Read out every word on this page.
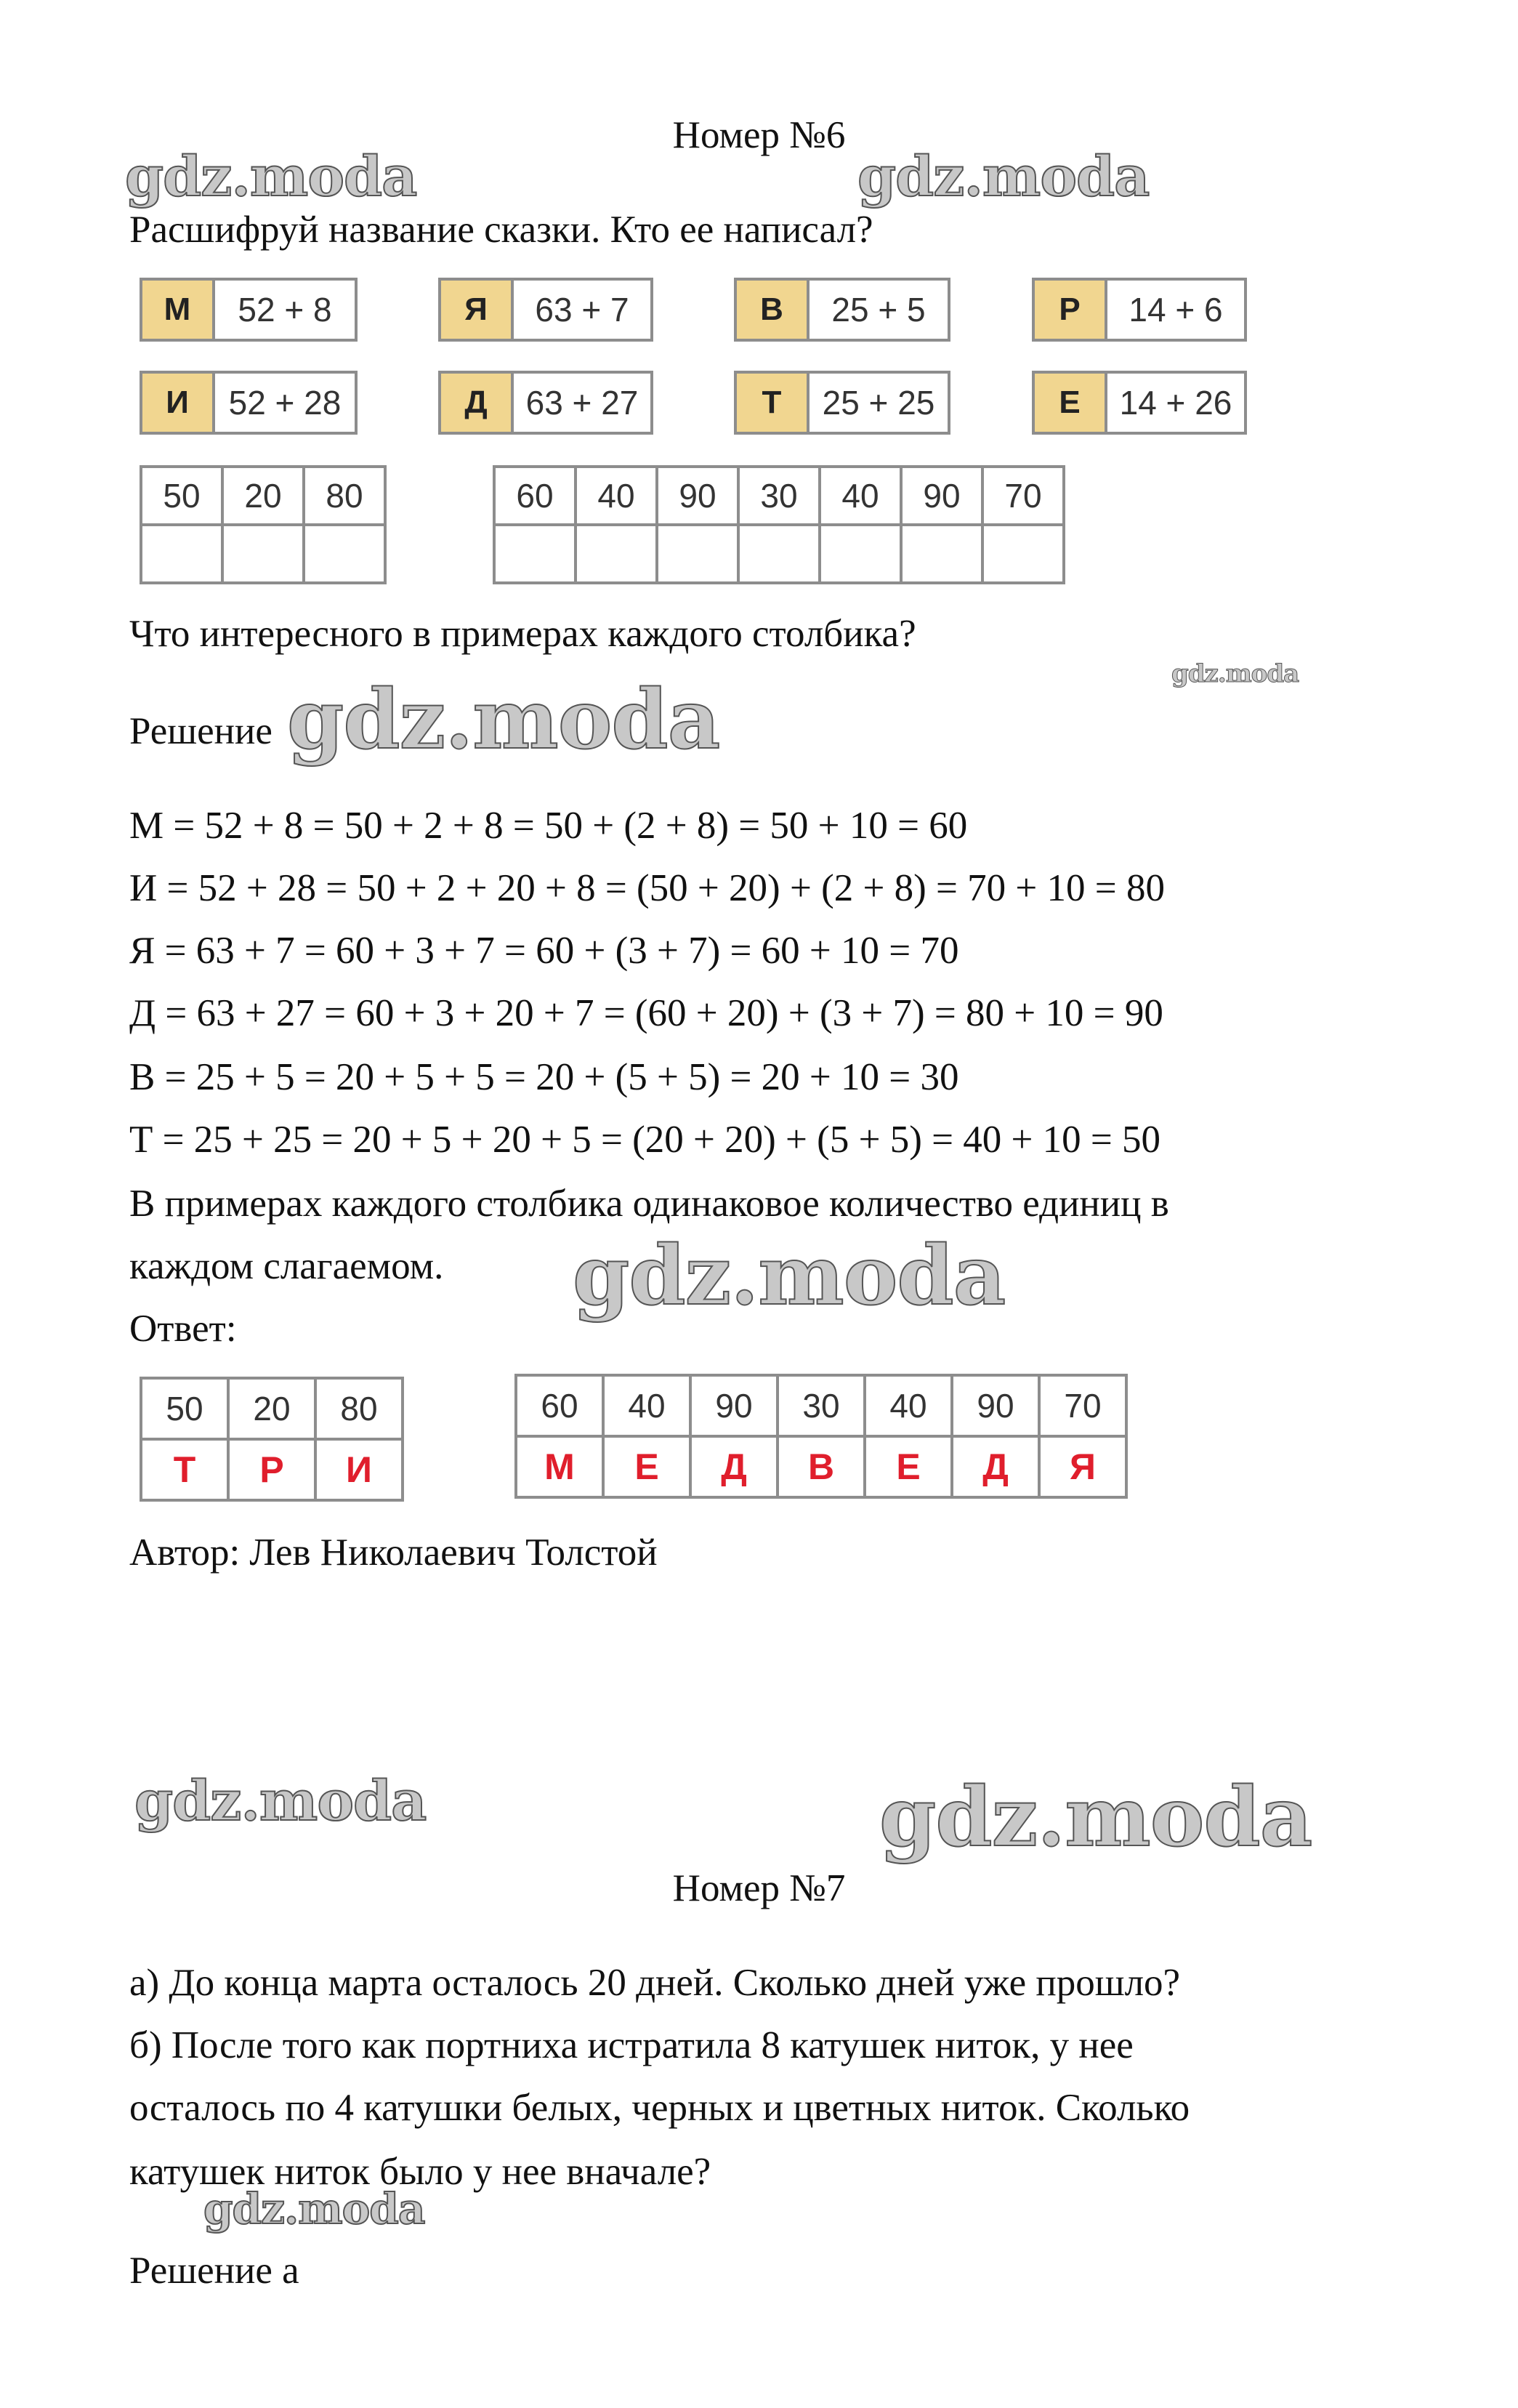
Номер №6
gdz.moda	gdz.moda
gdz.moda
gdz.moda
gdz.moda
gdz.moda	gdz.moda
gdz.moda
Расшифруй название сказки. Кто ее написал?
М	52 + 8	Я	63 + 7	В	25 + 5	Р	14 + 6
И	52 + 28	Д	63 + 27	Т	25 + 25	Е	14 + 26
50	20	80
			60	40	90	30	40	90	70

Что интересного в примерах каждого столбика?
Решение
М = 52 + 8 = 50 + 2 + 8 = 50 + (2 + 8) = 50 + 10 = 60
И = 52 + 28 = 50 + 2 + 20 + 8 = (50 + 20) + (2 + 8) = 70 + 10 = 80
Я = 63 + 7 = 60 + 3 + 7 = 60 + (3 + 7) = 60 + 10 = 70
Д = 63 + 27 = 60 + 3 + 20 + 7 = (60 + 20) + (3 + 7) = 80 + 10 = 90
В = 25 + 5 = 20 + 5 + 5 = 20 + (5 + 5) = 20 + 10 = 30
Т = 25 + 25 = 20 + 5 + 20 + 5 = (20 + 20) + (5 + 5) = 40 + 10 = 50
В примерах каждого столбика одинаковое количество единиц в
каждом слагаемом.
Ответ:
50	20	80
Т	Р	И
60	40	90	30	40	90	70
М	Е	Д	В	Е	Д	Я
Автор: Лев Николаевич Толстой
Номер №7
а) До конца марта осталось 20 дней. Сколько дней уже прошло?
б) После того как портниха истратила 8 катушек ниток, у нее
осталось по 4 катушки белых, черных и цветных ниток. Сколько
катушек ниток было у нее вначале?
Решение а
